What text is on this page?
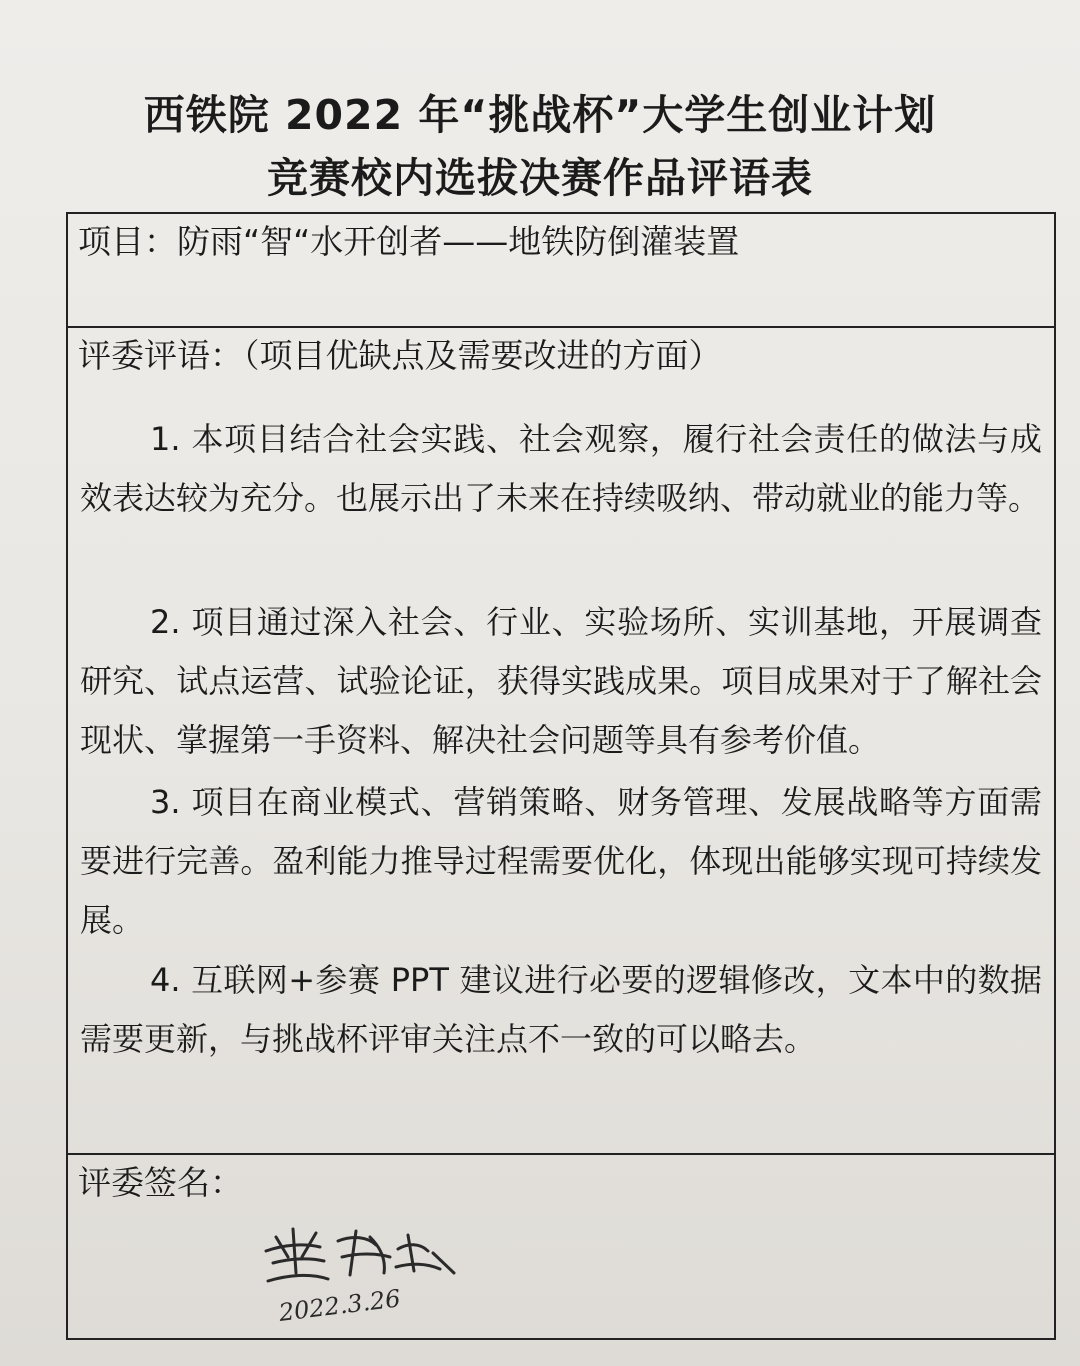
西铁院 2022 年“挑战杯”大学生创业计划
竞赛校内选拔决赛作品评语表
项目：防雨“智“水开创者——地铁防倒灌装置
评委评语：（项目优缺点及需要改进的方面）
1. 本项目结合社会实践、社会观察，履行社会责任的做法与成效表达较为充分。也展示出了未来在持续吸纳、带动就业的能力等。
2. 项目通过深入社会、行业、实验场所、实训基地，开展调查研究、试点运营、试验论证，获得实践成果。项目成果对于了解社会现状、掌握第一手资料、解决社会问题等具有参考价值。
3. 项目在商业模式、营销策略、财务管理、发展战略等方面需要进行完善。盈利能力推导过程需要优化，体现出能够实现可持续发展。
4. 互联网+参赛 PPT 建议进行必要的逻辑修改，文本中的数据需要更新，与挑战杯评审关注点不一致的可以略去。
评委签名：
2022.3.26
